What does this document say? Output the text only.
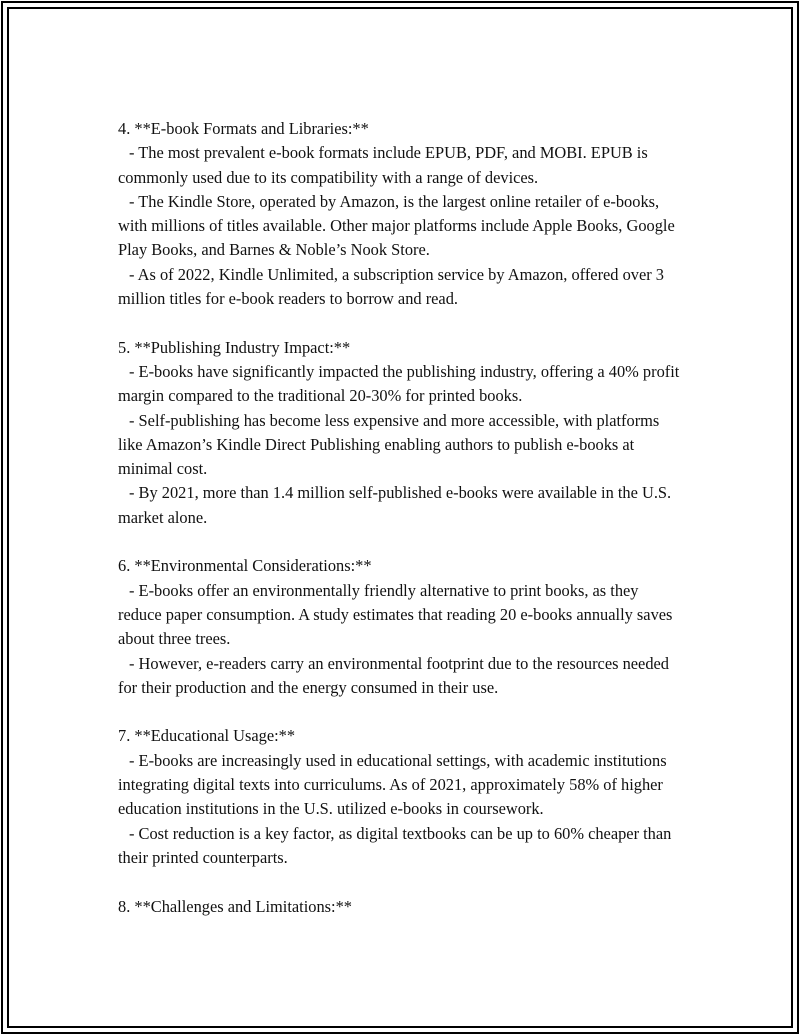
4. **E-book Formats and Libraries:**
- The most prevalent e-book formats include EPUB, PDF, and MOBI. EPUB is commonly used due to its compatibility with a range of devices.
- The Kindle Store, operated by Amazon, is the largest online retailer of e-books, with millions of titles available. Other major platforms include Apple Books, Google Play Books, and Barnes & Noble’s Nook Store.
- As of 2022, Kindle Unlimited, a subscription service by Amazon, offered over 3 million titles for e-book readers to borrow and read.
5. **Publishing Industry Impact:**
- E-books have significantly impacted the publishing industry, offering a 40% profit margin compared to the traditional 20-30% for printed books.
- Self-publishing has become less expensive and more accessible, with platforms like Amazon’s Kindle Direct Publishing enabling authors to publish e-books at minimal cost.
- By 2021, more than 1.4 million self-published e-books were available in the U.S. market alone.
6. **Environmental Considerations:**
- E-books offer an environmentally friendly alternative to print books, as they reduce paper consumption. A study estimates that reading 20 e-books annually saves about three trees.
- However, e-readers carry an environmental footprint due to the resources needed for their production and the energy consumed in their use.
7. **Educational Usage:**
- E-books are increasingly used in educational settings, with academic institutions integrating digital texts into curriculums. As of 2021, approximately 58% of higher education institutions in the U.S. utilized e-books in coursework.
- Cost reduction is a key factor, as digital textbooks can be up to 60% cheaper than their printed counterparts.
8. **Challenges and Limitations:**
